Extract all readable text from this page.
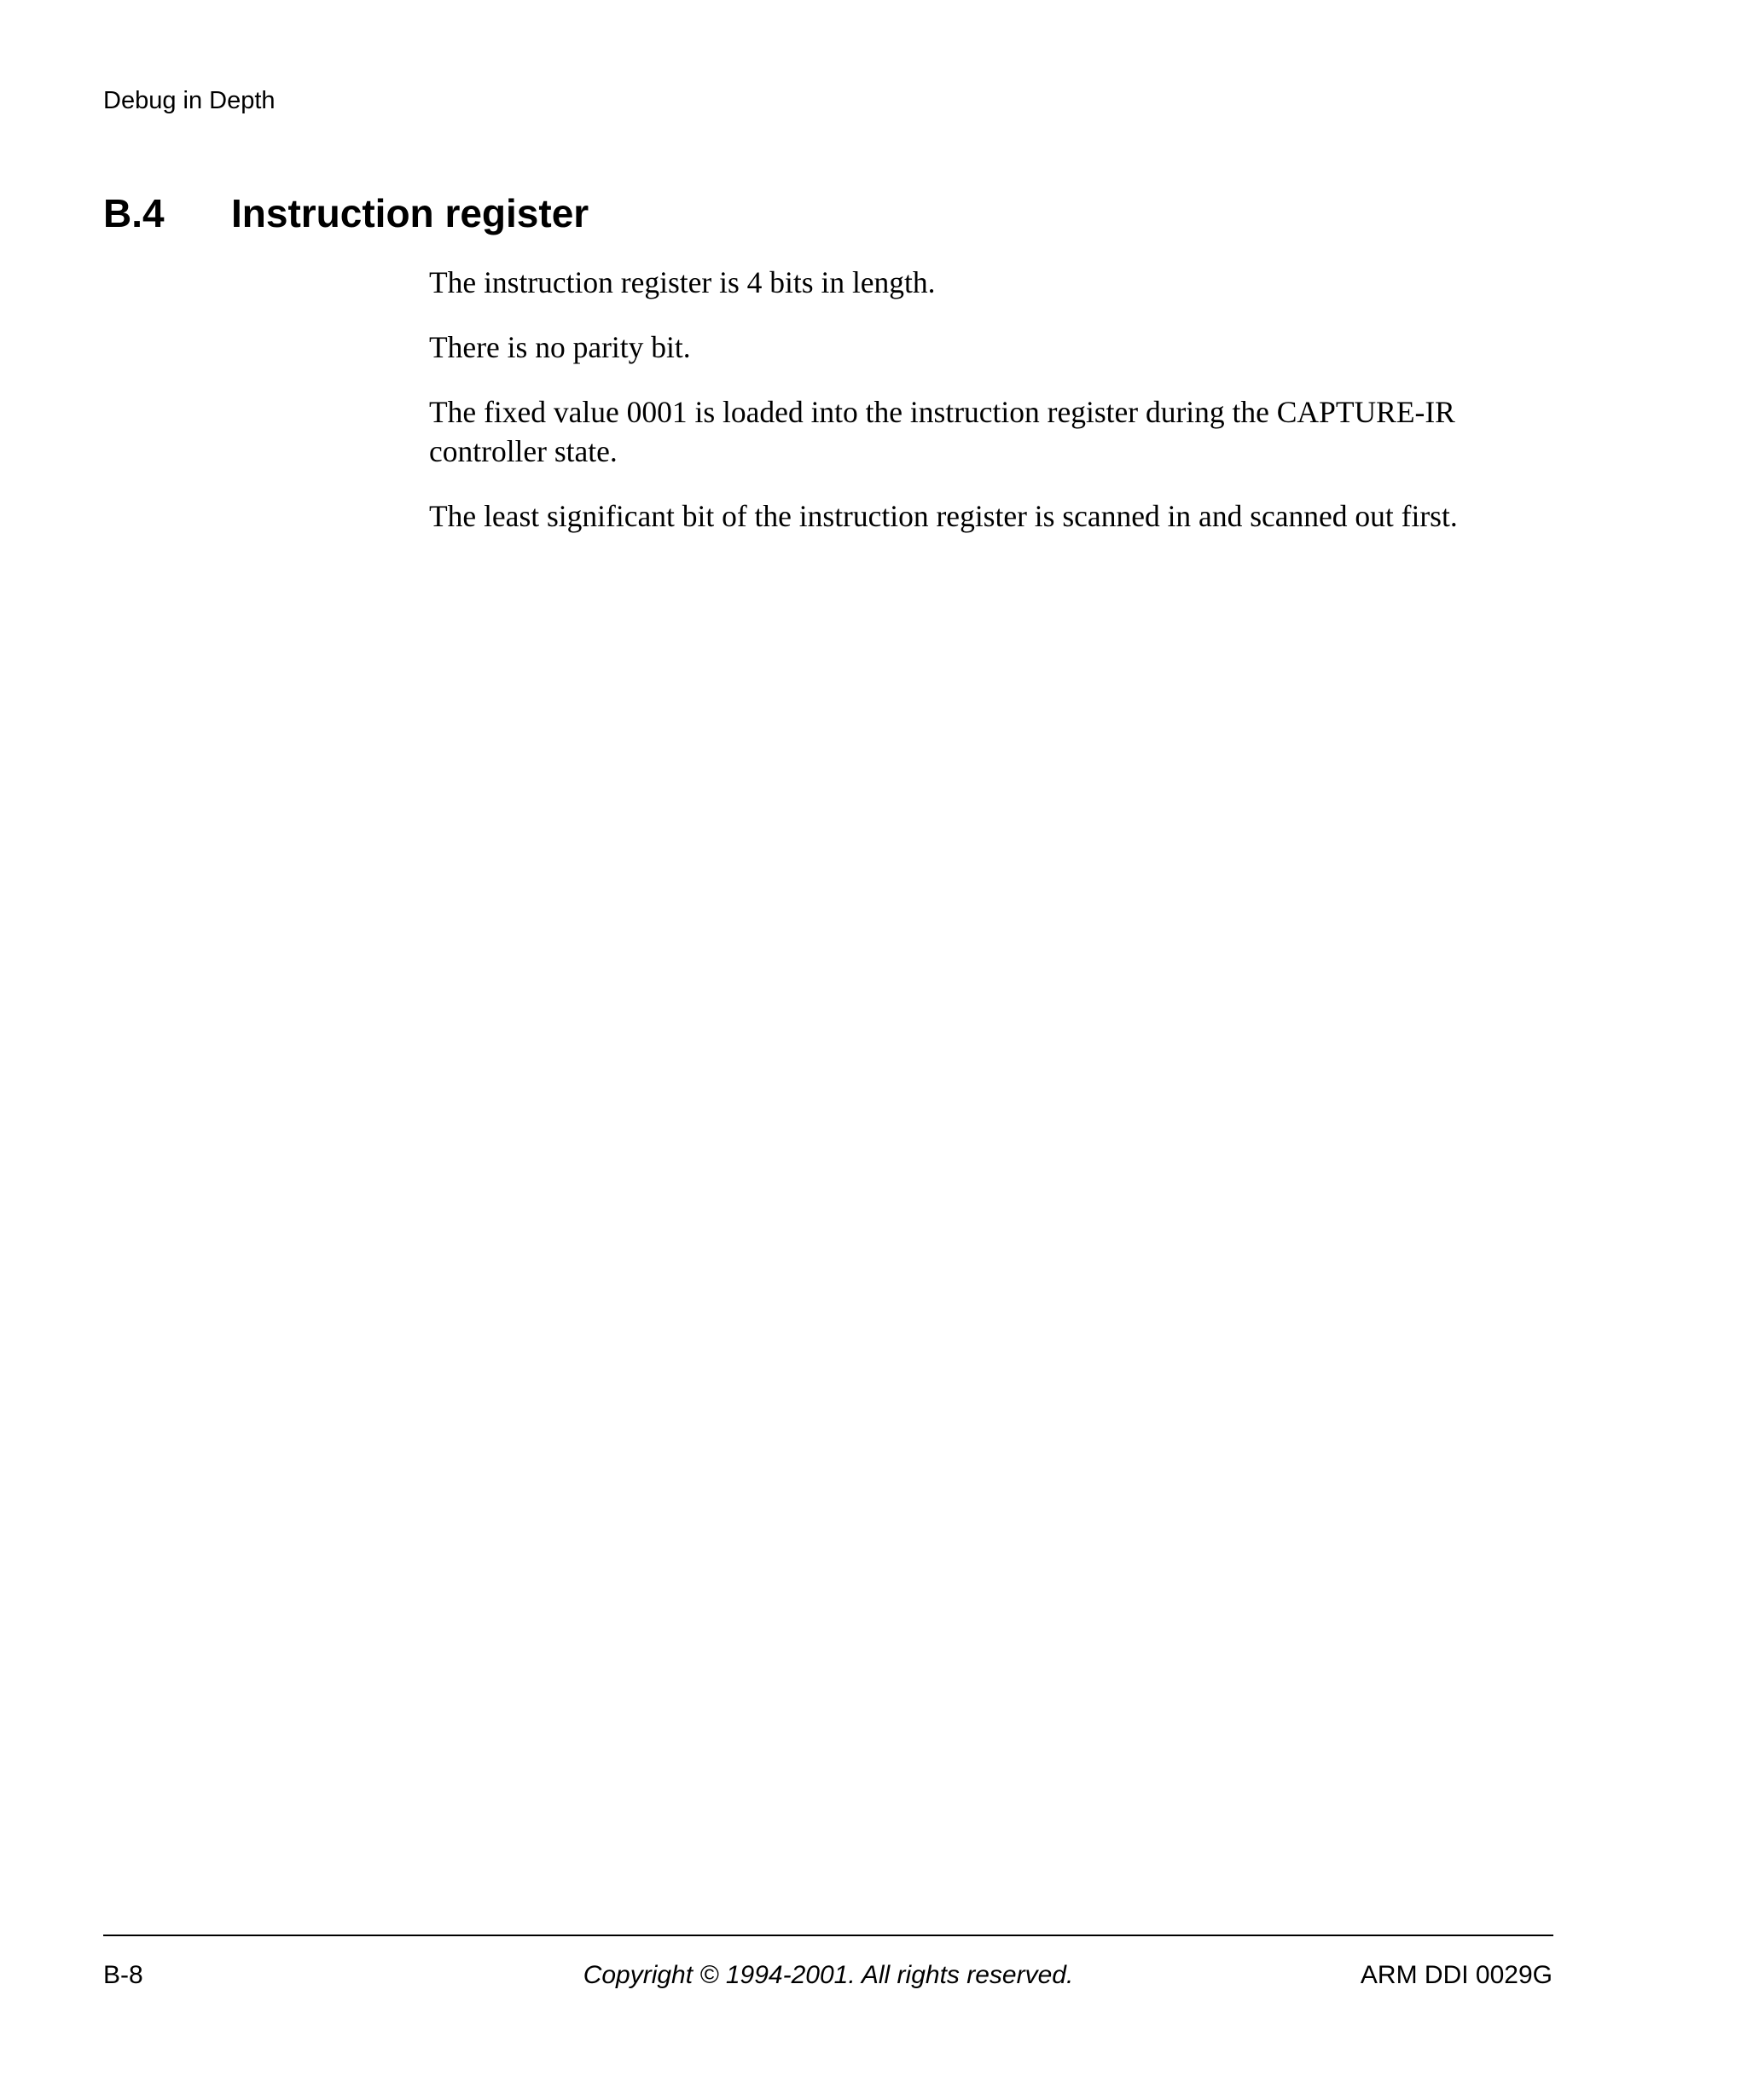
Debug in Depth
B.4 Instruction register

The instruction register is 4 bits in length.

There is no parity bit.

The fixed value 0001 is loaded into the instruction register during the CAPTURE-IR controller state.

The least significant bit of the instruction register is scanned in and scanned out first.

B-8	Copyright © 1994-2001. All rights reserved.	ARM DDI 0029G
